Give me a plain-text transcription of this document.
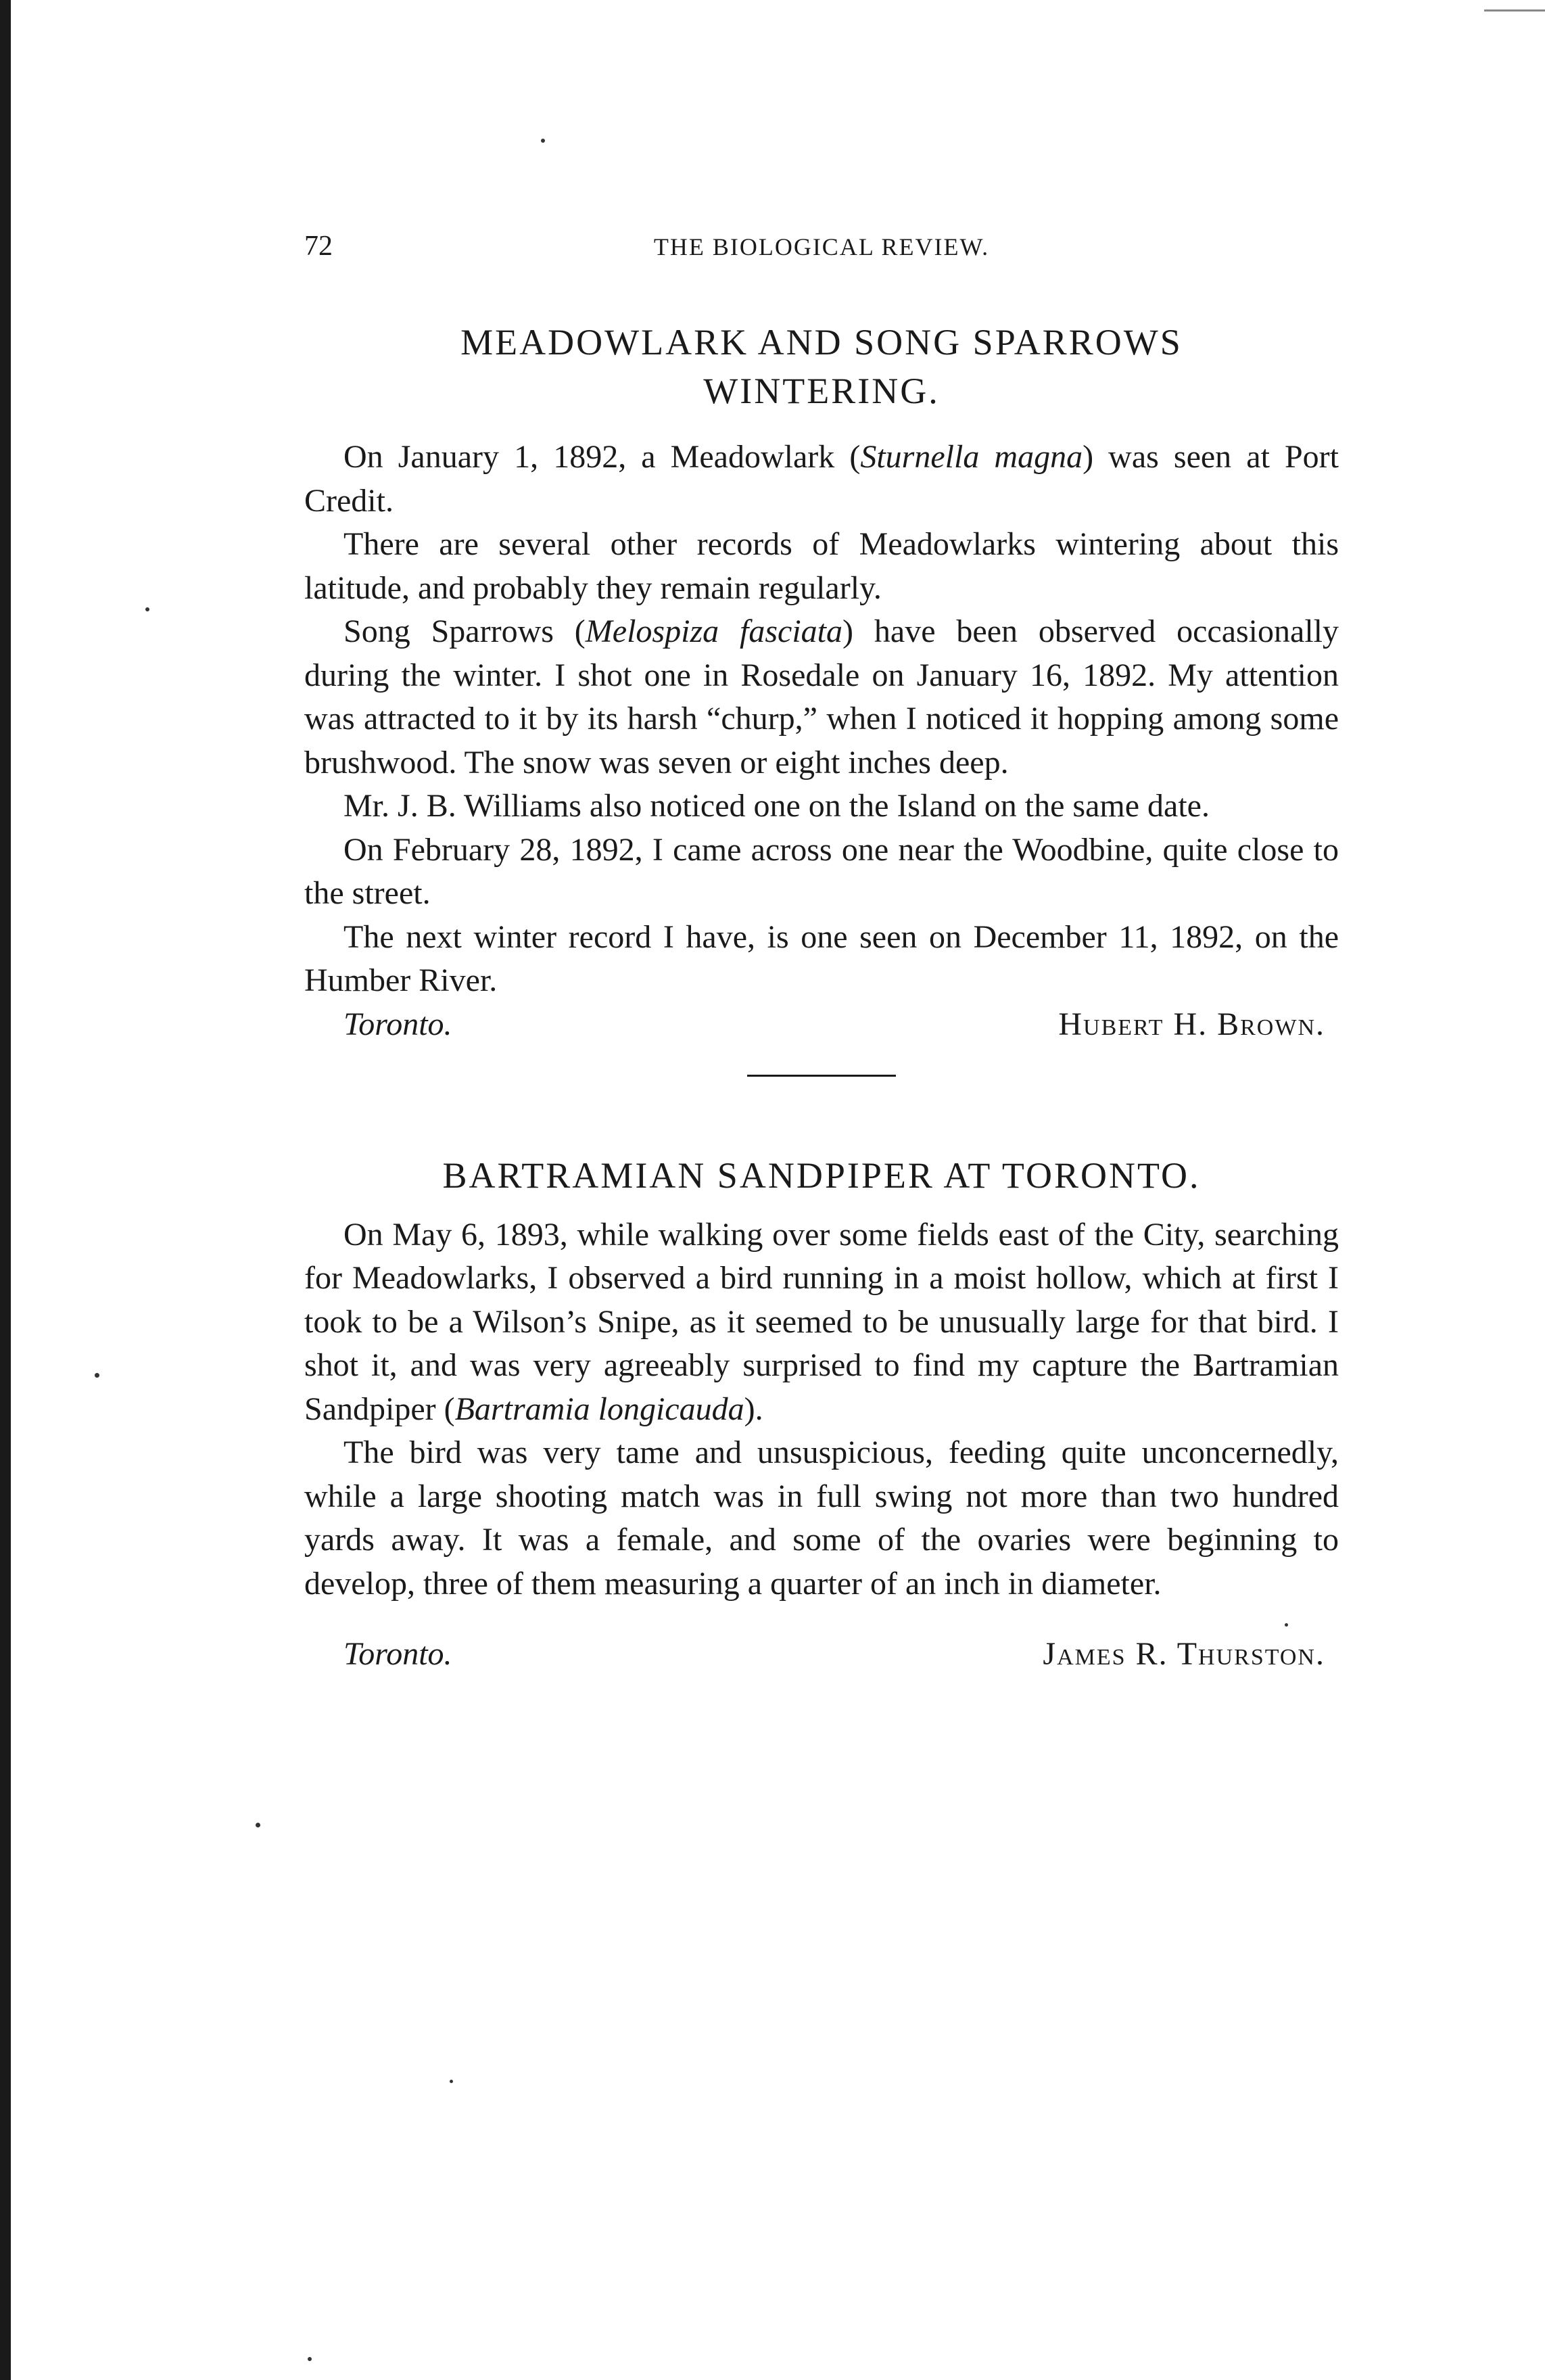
72	THE BIOLOGICAL REVIEW.
MEADOWLARK AND SONG SPARROWS
WINTERING.

On January 1, 1892, a Meadowlark (Sturnella magna) was seen at Port Credit.

There are several other records of Meadowlarks wintering about this latitude, and probably they remain regularly.

Song Sparrows (Melospiza fasciata) have been observed occasionally during the winter. I shot one in Rosedale on January 16, 1892. My attention was attracted to it by its harsh “churp,” when I noticed it hopping among some brushwood. The snow was seven or eight inches deep.

Mr. J. B. Williams also noticed one on the Island on the same date.

On February 28, 1892, I came across one near the Woodbine, quite close to the street.

The next winter record I have, is one seen on December 11, 1892, on the Humber River.

Toronto.	Hubert H. Brown.
BARTRAMIAN SANDPIPER AT TORONTO.

On May 6, 1893, while walking over some fields east of the City, searching for Meadowlarks, I observed a bird running in a moist hollow, which at first I took to be a Wilson’s Snipe, as it seemed to be unusually large for that bird. I shot it, and was very agreeably surprised to find my capture the Bartramian Sandpiper (Bartramia longicauda).

The bird was very tame and unsuspicious, feeding quite unconcernedly, while a large shooting match was in full swing not more than two hundred yards away. It was a female, and some of the ovaries were beginning to develop, three of them measuring a quarter of an inch in diameter.

Toronto.	James R. Thurston.
